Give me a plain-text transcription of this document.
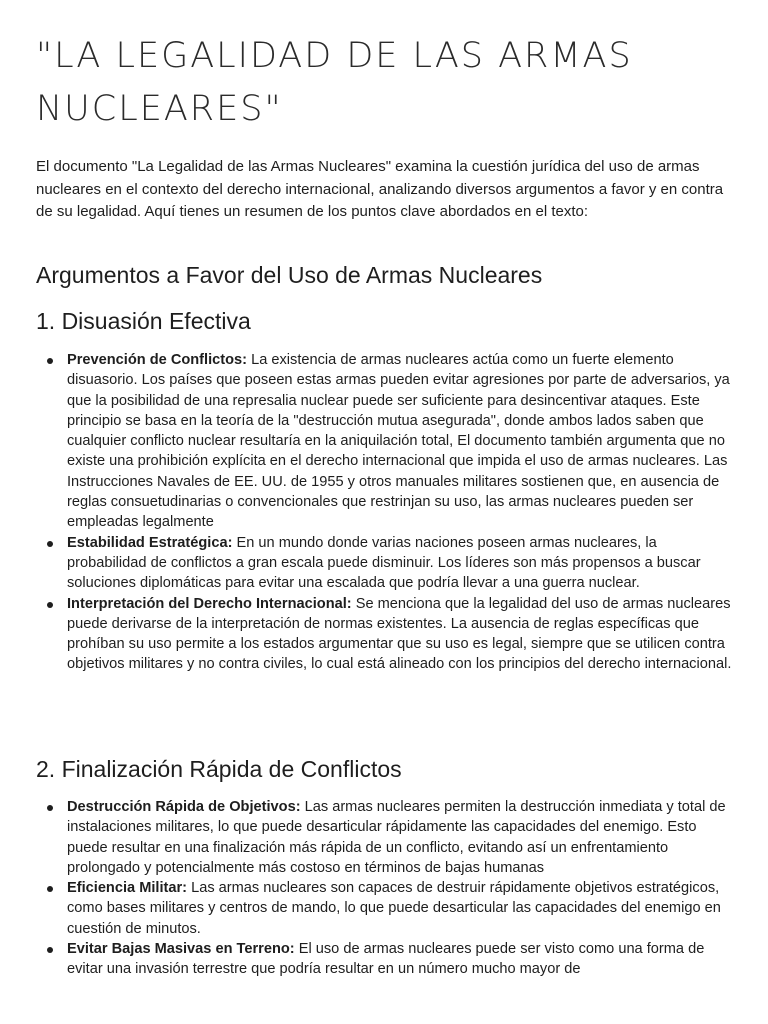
"LA LEGALIDAD DE LAS ARMAS NUCLEARES"

El documento "La Legalidad de las Armas Nucleares" examina la cuestión jurídica del uso de armas nucleares en el contexto del derecho internacional, analizando diversos argumentos a favor y en contra de su legalidad. Aquí tienes un resumen de los puntos clave abordados en el texto:

Argumentos a Favor del Uso de Armas Nucleares
1. Disuasión Efectiva
Prevención de Conflictos: La existencia de armas nucleares actúa como un fuerte elemento disuasorio. Los países que poseen estas armas pueden evitar agresiones por parte de adversarios, ya que la posibilidad de una represalia nuclear puede ser suficiente para desincentivar ataques. Este principio se basa en la teoría de la "destrucción mutua asegurada", donde ambos lados saben que cualquier conflicto nuclear resultaría en la aniquilación total, El documento también argumenta que no existe una prohibición explícita en el derecho internacional que impida el uso de armas nucleares. Las Instrucciones Navales de EE. UU. de 1955 y otros manuales militares sostienen que, en ausencia de reglas consuetudinarias o convencionales que restrinjan su uso, las armas nucleares pueden ser empleadas legalmente
Estabilidad Estratégica: En un mundo donde varias naciones poseen armas nucleares, la probabilidad de conflictos a gran escala puede disminuir. Los líderes son más propensos a buscar soluciones diplomáticas para evitar una escalada que podría llevar a una guerra nuclear.
Interpretación del Derecho Internacional: Se menciona que la legalidad del uso de armas nucleares puede derivarse de la interpretación de normas existentes. La ausencia de reglas específicas que prohíban su uso permite a los estados argumentar que su uso es legal, siempre que se utilicen contra objetivos militares y no contra civiles, lo cual está alineado con los principios del derecho internacional.
2. Finalización Rápida de Conflictos
Destrucción Rápida de Objetivos: Las armas nucleares permiten la destrucción inmediata y total de instalaciones militares, lo que puede desarticular rápidamente las capacidades del enemigo. Esto puede resultar en una finalización más rápida de un conflicto, evitando así un enfrentamiento prolongado y potencialmente más costoso en términos de bajas humanas
Eficiencia Militar: Las armas nucleares son capaces de destruir rápidamente objetivos estratégicos, como bases militares y centros de mando, lo que puede desarticular las capacidades del enemigo en cuestión de minutos.
Evitar Bajas Masivas en Terreno: El uso de armas nucleares puede ser visto como una forma de evitar una invasión terrestre que podría resultar en un número mucho mayor de
